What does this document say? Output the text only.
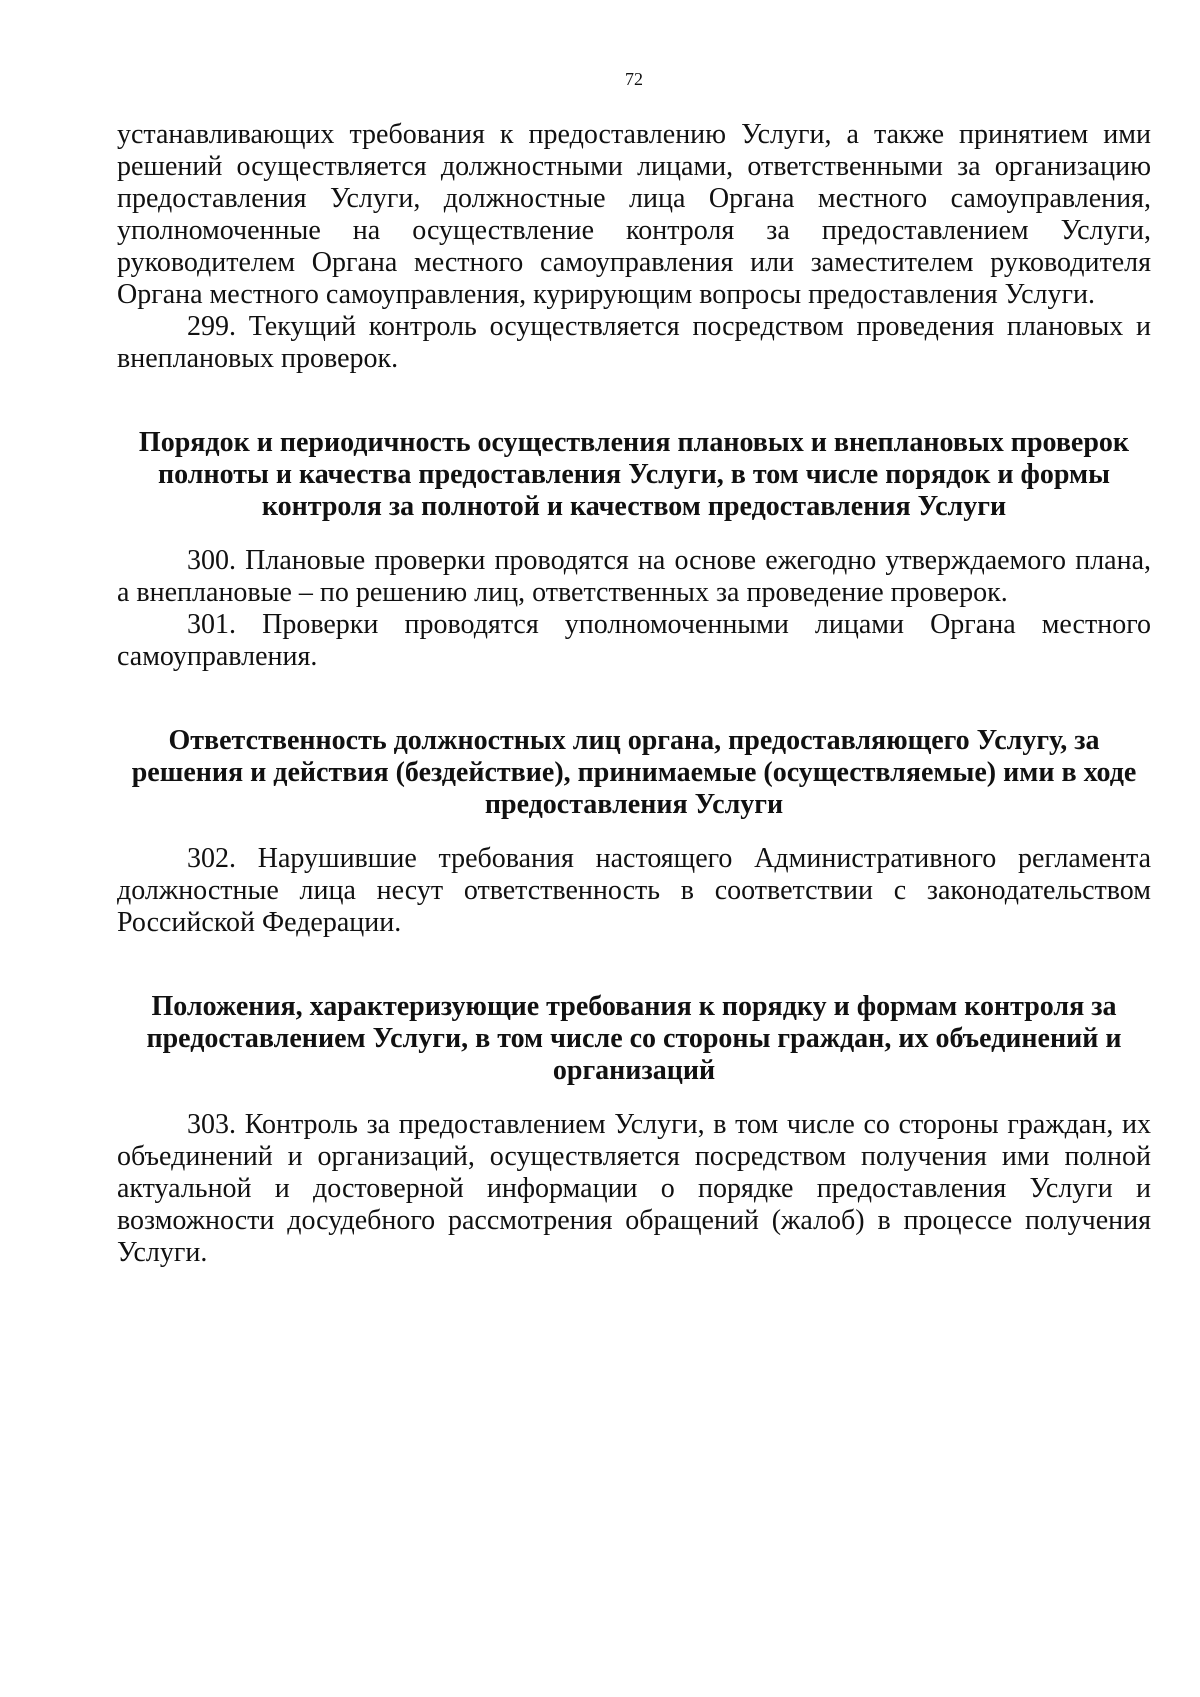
72

устанавливающих требования к предоставлению Услуги, а также принятием ими решений осуществляется должностными лицами, ответственными за организацию предоставления Услуги, должностные лица Органа местного самоуправления, уполномоченные на осуществление контроля за предоставлением Услуги, руководителем Органа местного самоуправления или заместителем руководителя Органа местного самоуправления, курирующим вопросы предоставления Услуги.

299. Текущий контроль осуществляется посредством проведения плановых и внеплановых проверок.

Порядок и периодичность осуществления плановых и внеплановых проверок полноты и качества предоставления Услуги, в том числе порядок и формы контроля за полнотой и качеством предоставления Услуги

300. Плановые проверки проводятся на основе ежегодно утверждаемого плана, а внеплановые – по решению лиц, ответственных за проведение проверок.

301. Проверки проводятся уполномоченными лицами Органа местного самоуправления.

Ответственность должностных лиц органа, предоставляющего Услугу, за решения и действия (бездействие), принимаемые (осуществляемые) ими в ходе предоставления Услуги

302. Нарушившие требования настоящего Административного регламента должностные лица несут ответственность в соответствии с законодательством Российской Федерации.

Положения, характеризующие требования к порядку и формам контроля за предоставлением Услуги, в том числе со стороны граждан, их объединений и организаций

303. Контроль за предоставлением Услуги, в том числе со стороны граждан, их объединений и организаций, осуществляется посредством получения ими полной актуальной и достоверной информации о порядке предоставления Услуги и возможности досудебного рассмотрения обращений (жалоб) в процессе получения Услуги.
